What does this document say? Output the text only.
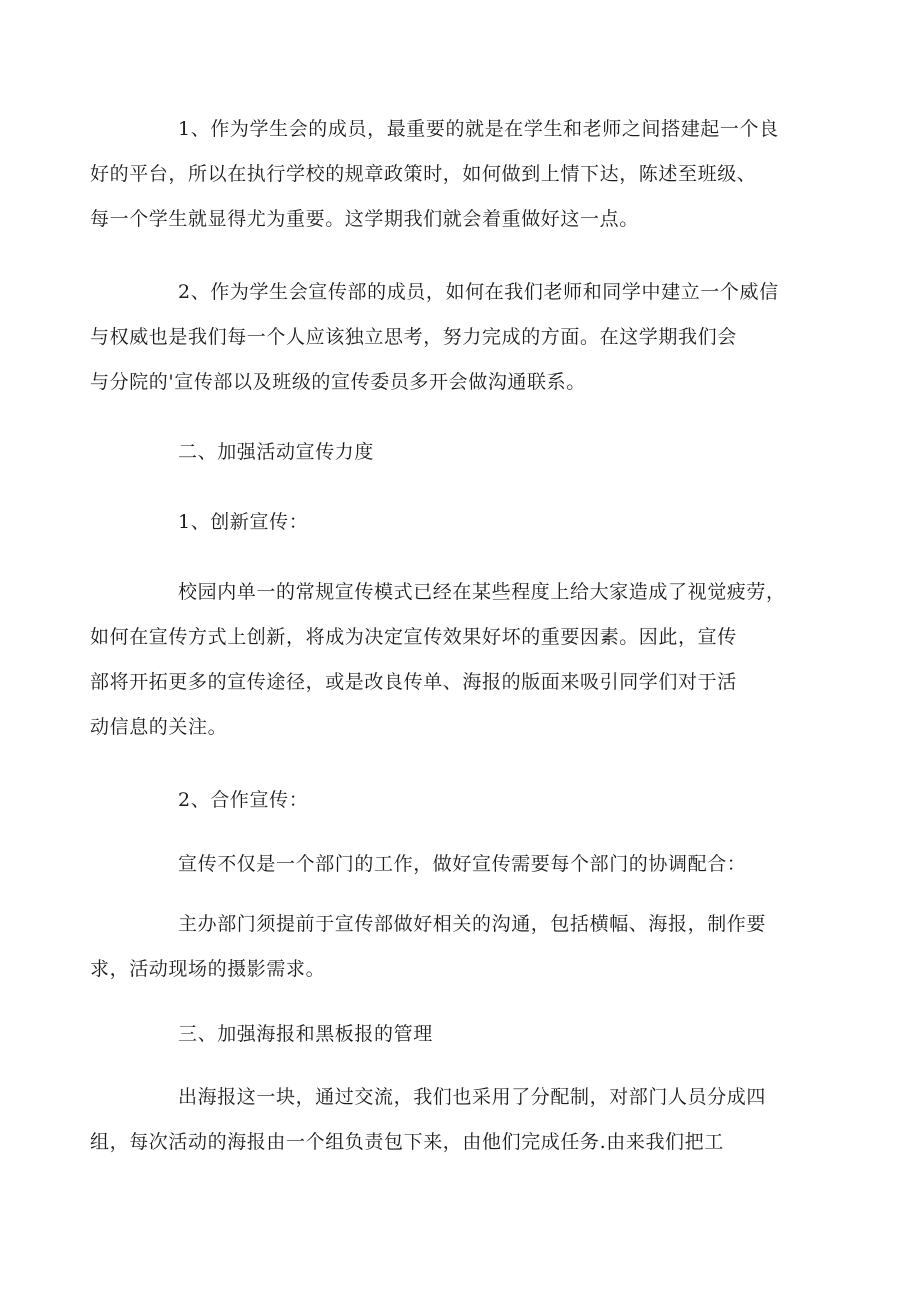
1、作为学生会的成员，最重要的就是在学生和老师之间搭建起一个良
好的平台，所以在执行学校的规章政策时，如何做到上情下达，陈述至班级、
每一个学生就显得尤为重要。这学期我们就会着重做好这一点。

2、作为学生会宣传部的成员，如何在我们老师和同学中建立一个威信
与权威也是我们每一个人应该独立思考，努力完成的方面。在这学期我们会
与分院的'宣传部以及班级的宣传委员多开会做沟通联系。

二、加强活动宣传力度

1、创新宣传：

校园内单一的常规宣传模式已经在某些程度上给大家造成了视觉疲劳，
如何在宣传方式上创新，将成为决定宣传效果好坏的重要因素。因此，宣传
部将开拓更多的宣传途径，或是改良传单、海报的版面来吸引同学们对于活
动信息的关注。

2、合作宣传：

宣传不仅是一个部门的工作，做好宣传需要每个部门的协调配合：

主办部门须提前于宣传部做好相关的沟通，包括横幅、海报，制作要
求，活动现场的摄影需求。

三、加强海报和黑板报的管理

出海报这一块，通过交流，我们也采用了分配制，对部门人员分成四
组，每次活动的海报由一个组负责包下来，由他们完成任务.由来我们把工
